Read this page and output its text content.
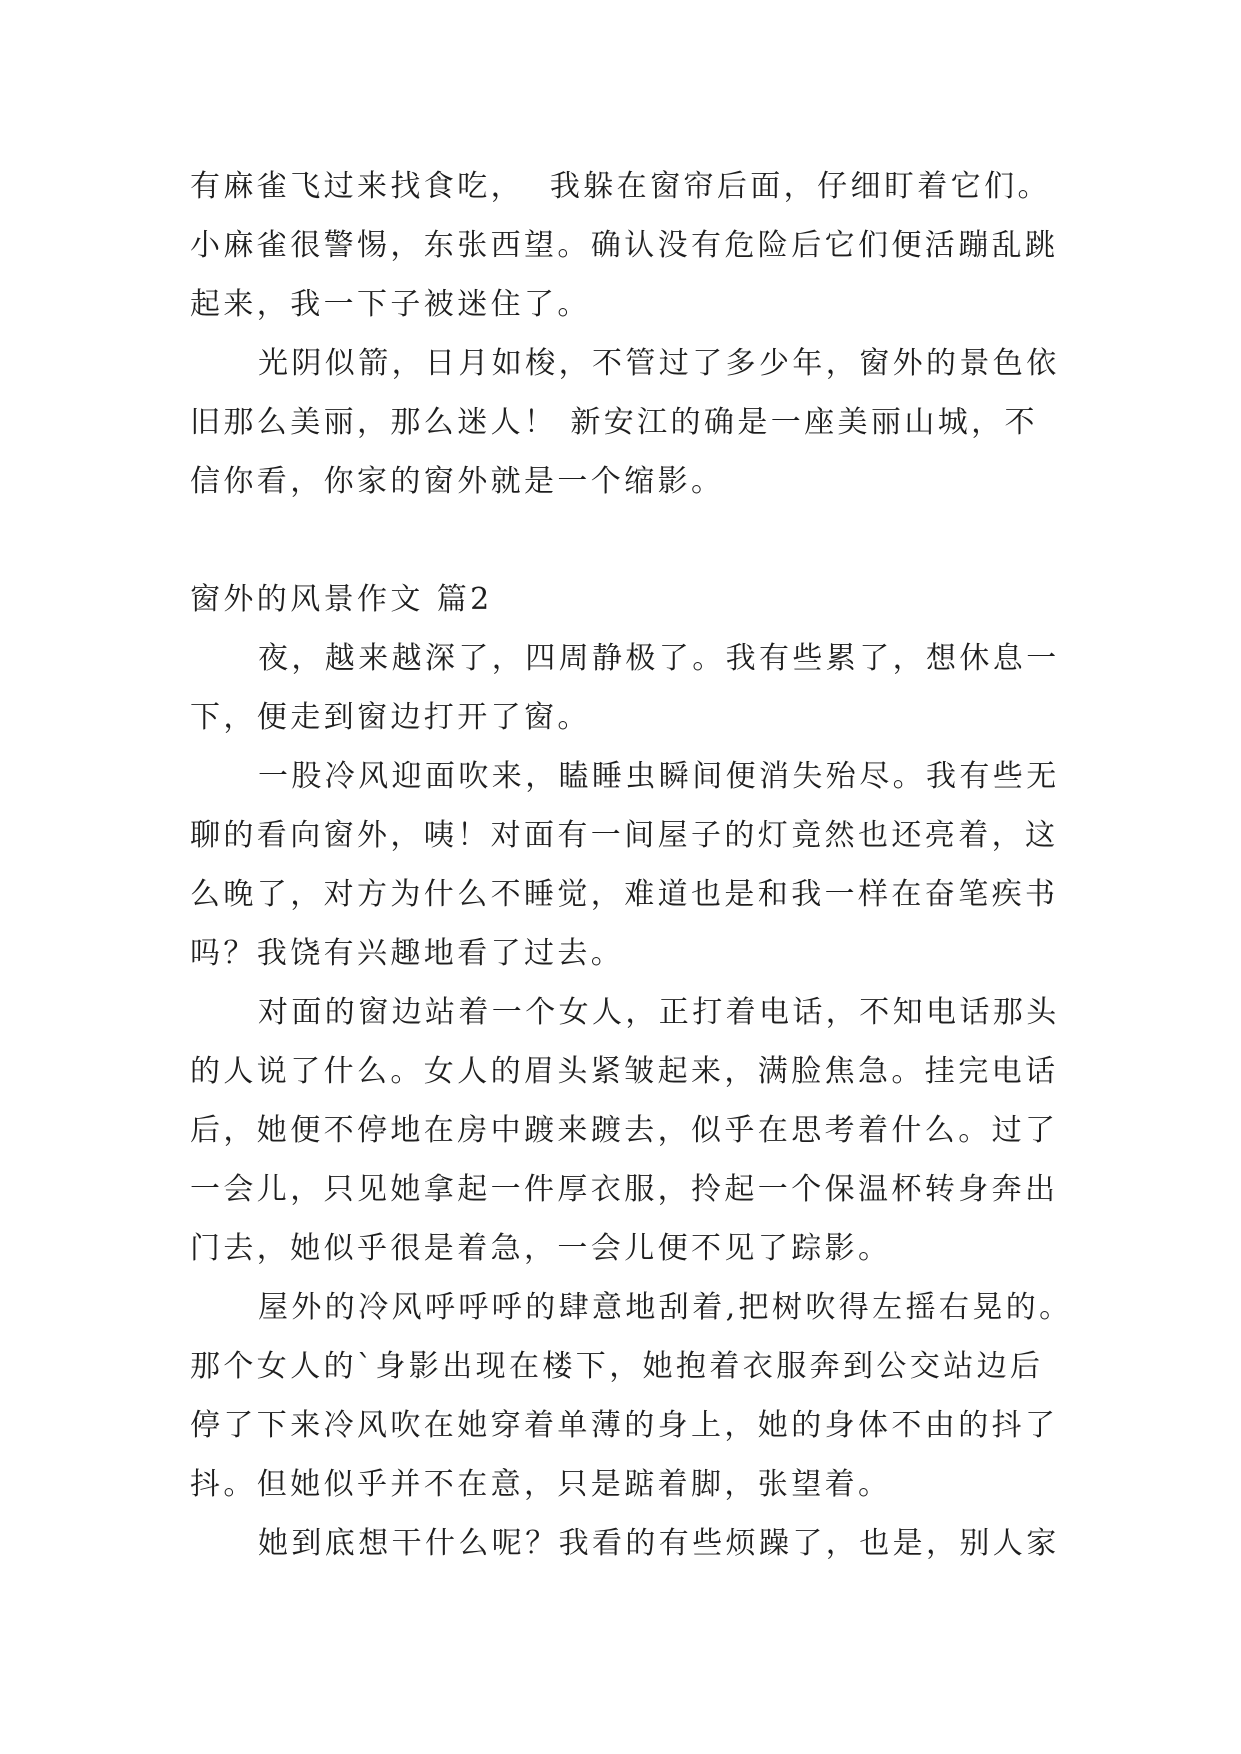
有麻雀飞过来找食吃，  我躲在窗帘后面，仔细盯着它们。
小麻雀很警惕，东张西望。确认没有危险后它们便活蹦乱跳
起来，我一下子被迷住了。
光阴似箭，日月如梭，不管过了多少年，窗外的景色依
旧那么美丽，那么迷人！ 新安江的确是一座美丽山城，不
信你看，你家的窗外就是一个缩影。
窗外的风景作文 篇2
夜，越来越深了，四周静极了。我有些累了，想休息一
下，便走到窗边打开了窗。
一股冷风迎面吹来，瞌睡虫瞬间便消失殆尽。我有些无
聊的看向窗外，咦！对面有一间屋子的灯竟然也还亮着，这
么晚了，对方为什么不睡觉，难道也是和我一样在奋笔疾书
吗？我饶有兴趣地看了过去。
对面的窗边站着一个女人，正打着电话，不知电话那头
的人说了什么。女人的眉头紧皱起来，满脸焦急。挂完电话
后，她便不停地在房中踱来踱去，似乎在思考着什么。过了
一会儿，只见她拿起一件厚衣服，拎起一个保温杯转身奔出
门去，她似乎很是着急，一会儿便不见了踪影。
屋外的冷风呼呼呼的肆意地刮着,把树吹得左摇右晃的。
那个女人的`身影出现在楼下，她抱着衣服奔到公交站边后
停了下来冷风吹在她穿着单薄的身上，她的身体不由的抖了
抖。但她似乎并不在意，只是踮着脚，张望着。
她到底想干什么呢？我看的有些烦躁了，也是，别人家
